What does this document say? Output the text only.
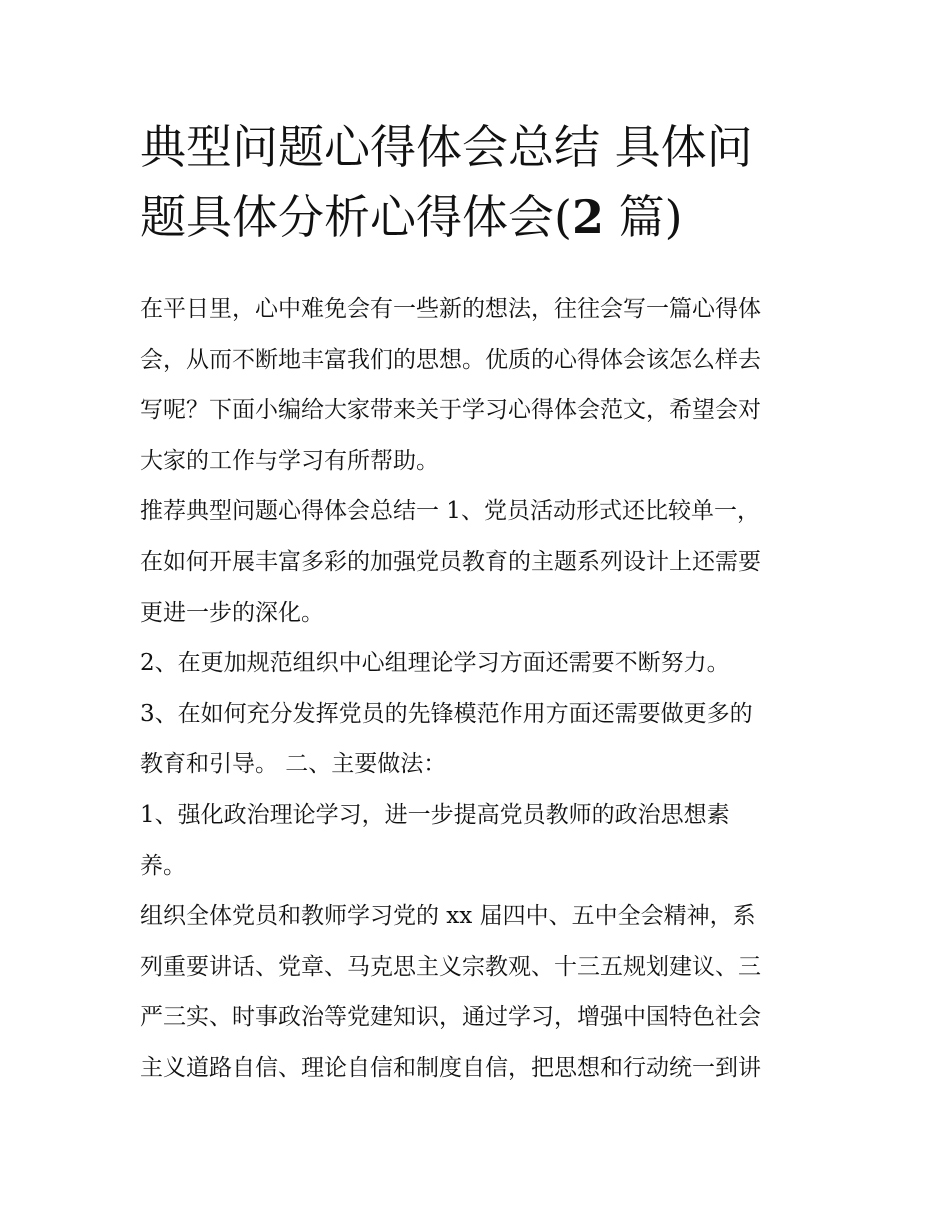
典型问题心得体会总结 具体问
题具体分析心得体会(2 篇)

在平日里，心中难免会有一些新的想法，往往会写一篇心得体
会，从而不断地丰富我们的思想。优质的心得体会该怎么样去
写呢？下面小编给大家带来关于学习心得体会范文，希望会对
大家的工作与学习有所帮助。

推荐典型问题心得体会总结一 1、党员活动形式还比较单一，
在如何开展丰富多彩的加强党员教育的主题系列设计上还需要
更进一步的深化。

2、在更加规范组织中心组理论学习方面还需要不断努力。

3、在如何充分发挥党员的先锋模范作用方面还需要做更多的
教育和引导。 二、主要做法：

1、强化政治理论学习，进一步提高党员教师的政治思想素
养。

组织全体党员和教师学习党的 xx 届四中、五中全会精神，系
列重要讲话、党章、马克思主义宗教观、十三五规划建议、三
严三实、时事政治等党建知识，通过学习，增强中国特色社会
主义道路自信、理论自信和制度自信，把思想和行动统一到讲
